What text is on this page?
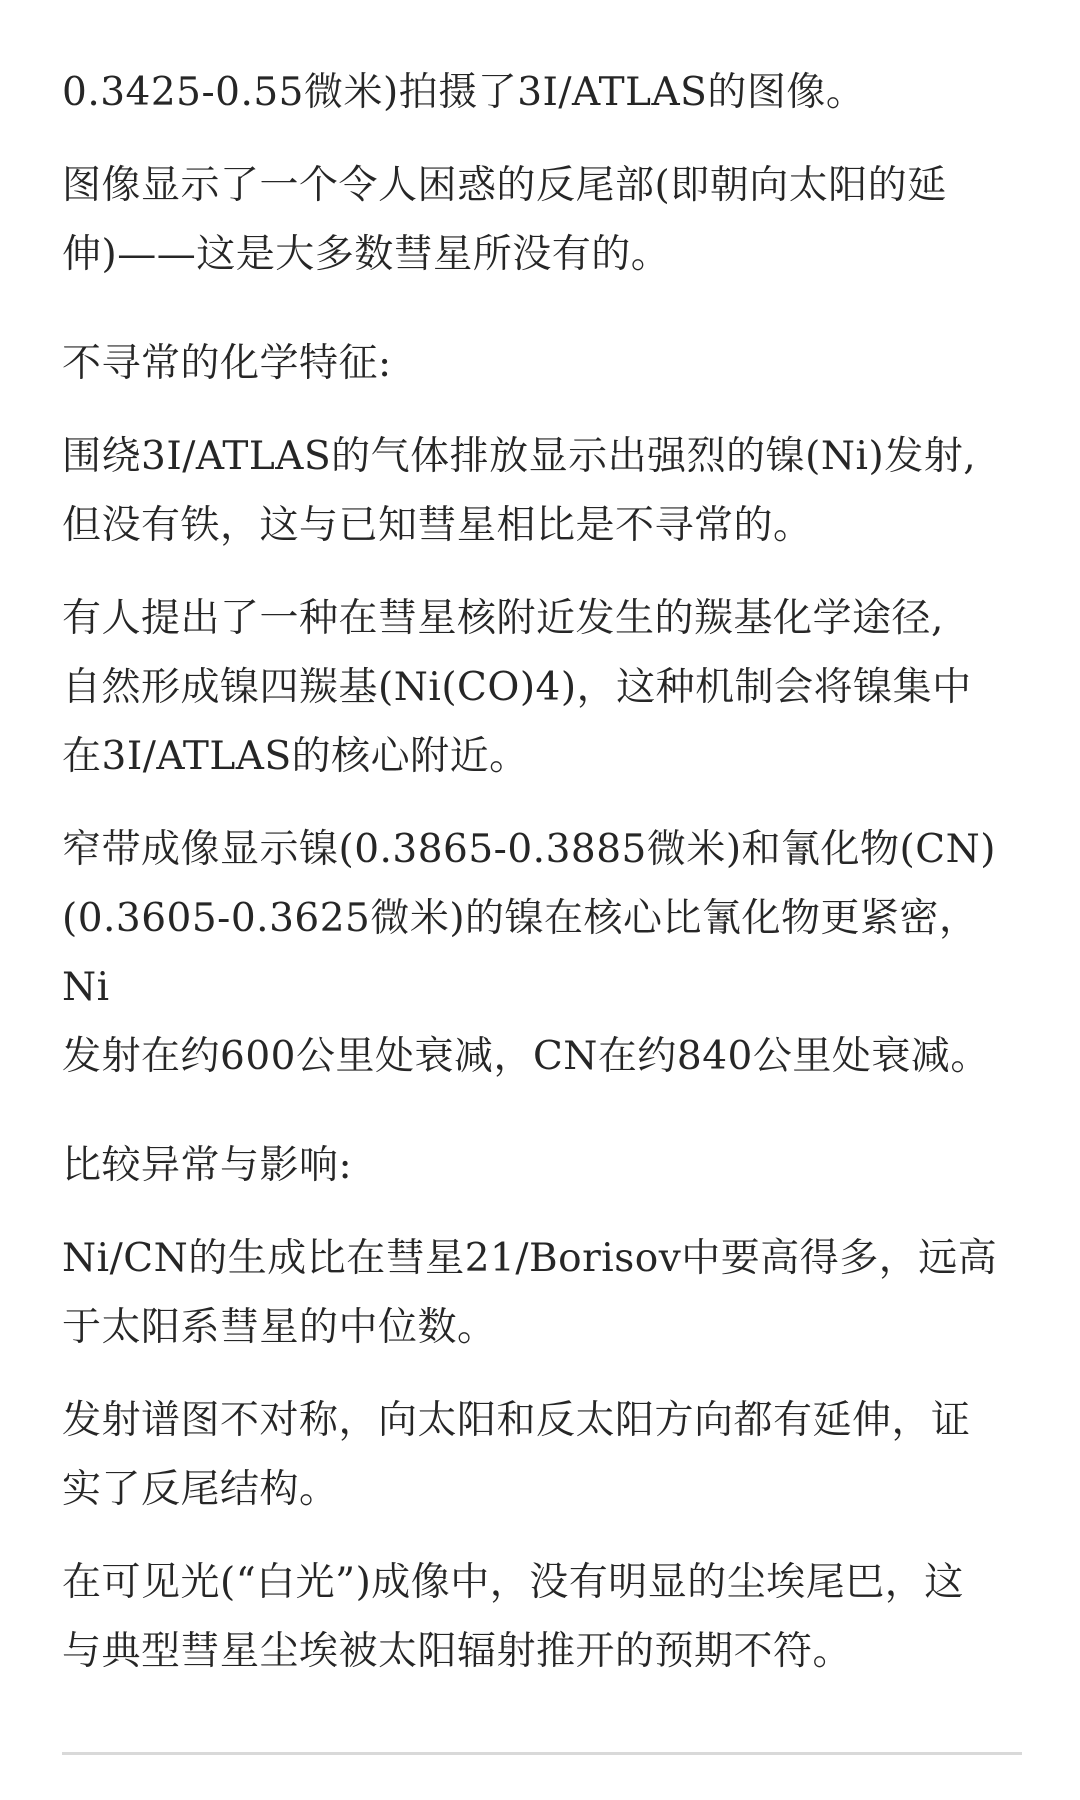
0.3425-0.55微米)拍摄了3I/ATLAS的图像。

图像显示了一个令人困惑的反尾部(即朝向太阳的延
伸)——这是大多数彗星所没有的。

不寻常的化学特征:

围绕3I/ATLAS的气体排放显示出强烈的镍(Ni)发射,
但没有铁，这与已知彗星相比是不寻常的。

有人提出了一种在彗星核附近发生的羰基化学途径,
自然形成镍四羰基(Ni(CO)4)，这种机制会将镍集中
在3I/ATLAS的核心附近。

窄带成像显示镍(0.3865-0.3885微米)和氰化物(CN)
(0.3605-0.3625微米)的镍在核心比氰化物更紧密，Ni
发射在约600公里处衰减，CN在约840公里处衰减。

比较异常与影响:

Ni/CN的生成比在彗星21/Borisov中要高得多，远高
于太阳系彗星的中位数。

发射谱图不对称，向太阳和反太阳方向都有延伸，证
实了反尾结构。

在可见光(“白光”)成像中，没有明显的尘埃尾巴，这
与典型彗星尘埃被太阳辐射推开的预期不符。
